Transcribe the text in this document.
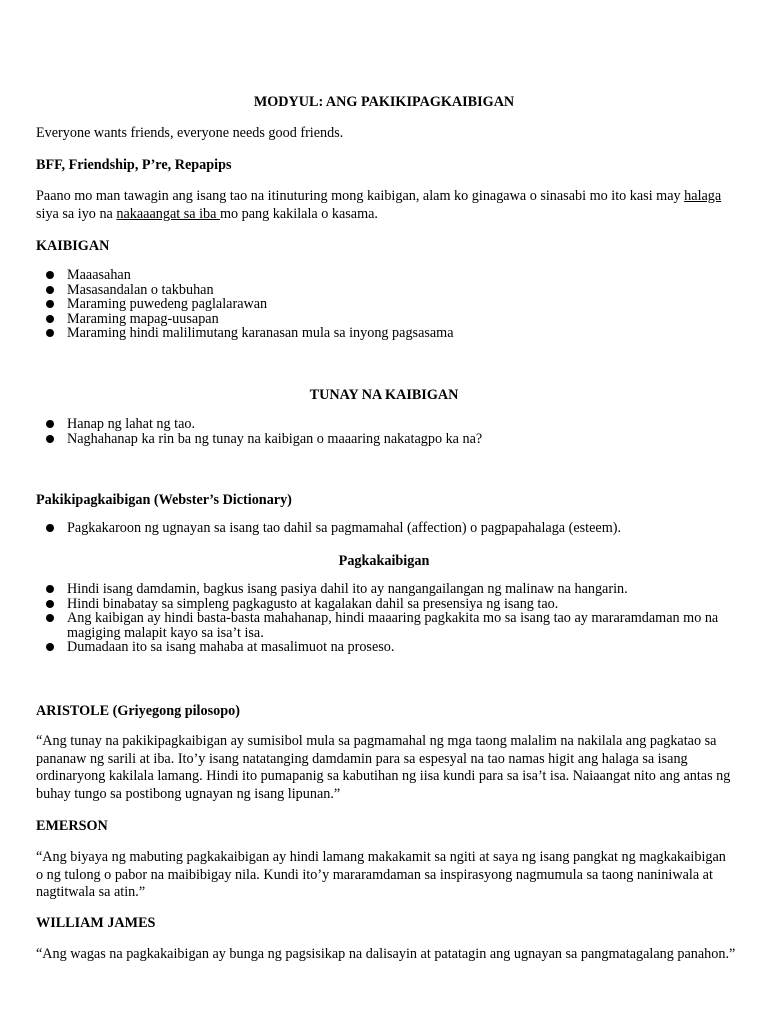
MODYUL: ANG PAKIKIPAGKAIBIGAN
Everyone wants friends, everyone needs good friends.
BFF, Friendship, P’re, Repapips
Paano mo man tawagin ang isang tao na itinuturing mong kaibigan, alam ko ginagawa o sinasabi mo ito kasi may halaga siya sa iyo na nakaaangat sa iba mo pang kakilala o kasama.
KAIBIGAN
Maaasahan
Masasandalan o takbuhan
Maraming puwedeng paglalarawan
Maraming mapag-uusapan
Maraming hindi malilimutang karanasan mula sa inyong pagsasama
TUNAY NA KAIBIGAN
Hanap ng lahat ng tao.
Naghahanap ka rin ba ng tunay na kaibigan o maaaring nakatagpo ka na?
Pakikipagkaibigan (Webster’s Dictionary)
Pagkakaroon ng ugnayan sa isang tao dahil sa pagmamahal (affection) o pagpapahalaga (esteem).
Pagkakaibigan
Hindi isang damdamin, bagkus isang pasiya dahil ito ay nangangailangan ng malinaw na hangarin.
Hindi binabatay sa simpleng pagkagusto at kagalakan dahil sa presensiya ng isang tao.
Ang kaibigan ay hindi basta-basta mahahanap, hindi maaaring pagkakita mo sa isang tao ay mararamdaman mo na magiging malapit kayo sa isa’t isa.
Dumadaan ito sa isang mahaba at masalimuot na proseso.
ARISTOLE (Griyegong pilosopo)
“Ang tunay na pakikipagkaibigan ay sumisibol mula sa pagmamahal ng mga taong malalim na nakilala ang pagkatao sa pananaw ng sarili at iba. Ito’y isang natatanging damdamin para sa espesyal na tao namas higit ang halaga sa isang ordinaryong kakilala lamang. Hindi ito pumapanig sa kabutihan ng iisa kundi para sa isa’t isa. Naiaangat nito ang antas ng buhay tungo sa postibong ugnayan ng isang lipunan.”
EMERSON
“Ang biyaya ng mabuting pagkakaibigan ay hindi lamang makakamit sa ngiti at saya ng isang pangkat ng magkakaibigan o ng tulong o pabor na maibibigay nila. Kundi ito’y mararamdaman sa inspirasyong nagmumula sa taong naniniwala at nagtitwala sa atin.”
WILLIAM JAMES
“Ang wagas na pagkakaibigan ay bunga ng pagsisikap na dalisayin at patatagin ang ugnayan sa pangmatagalang panahon.”
